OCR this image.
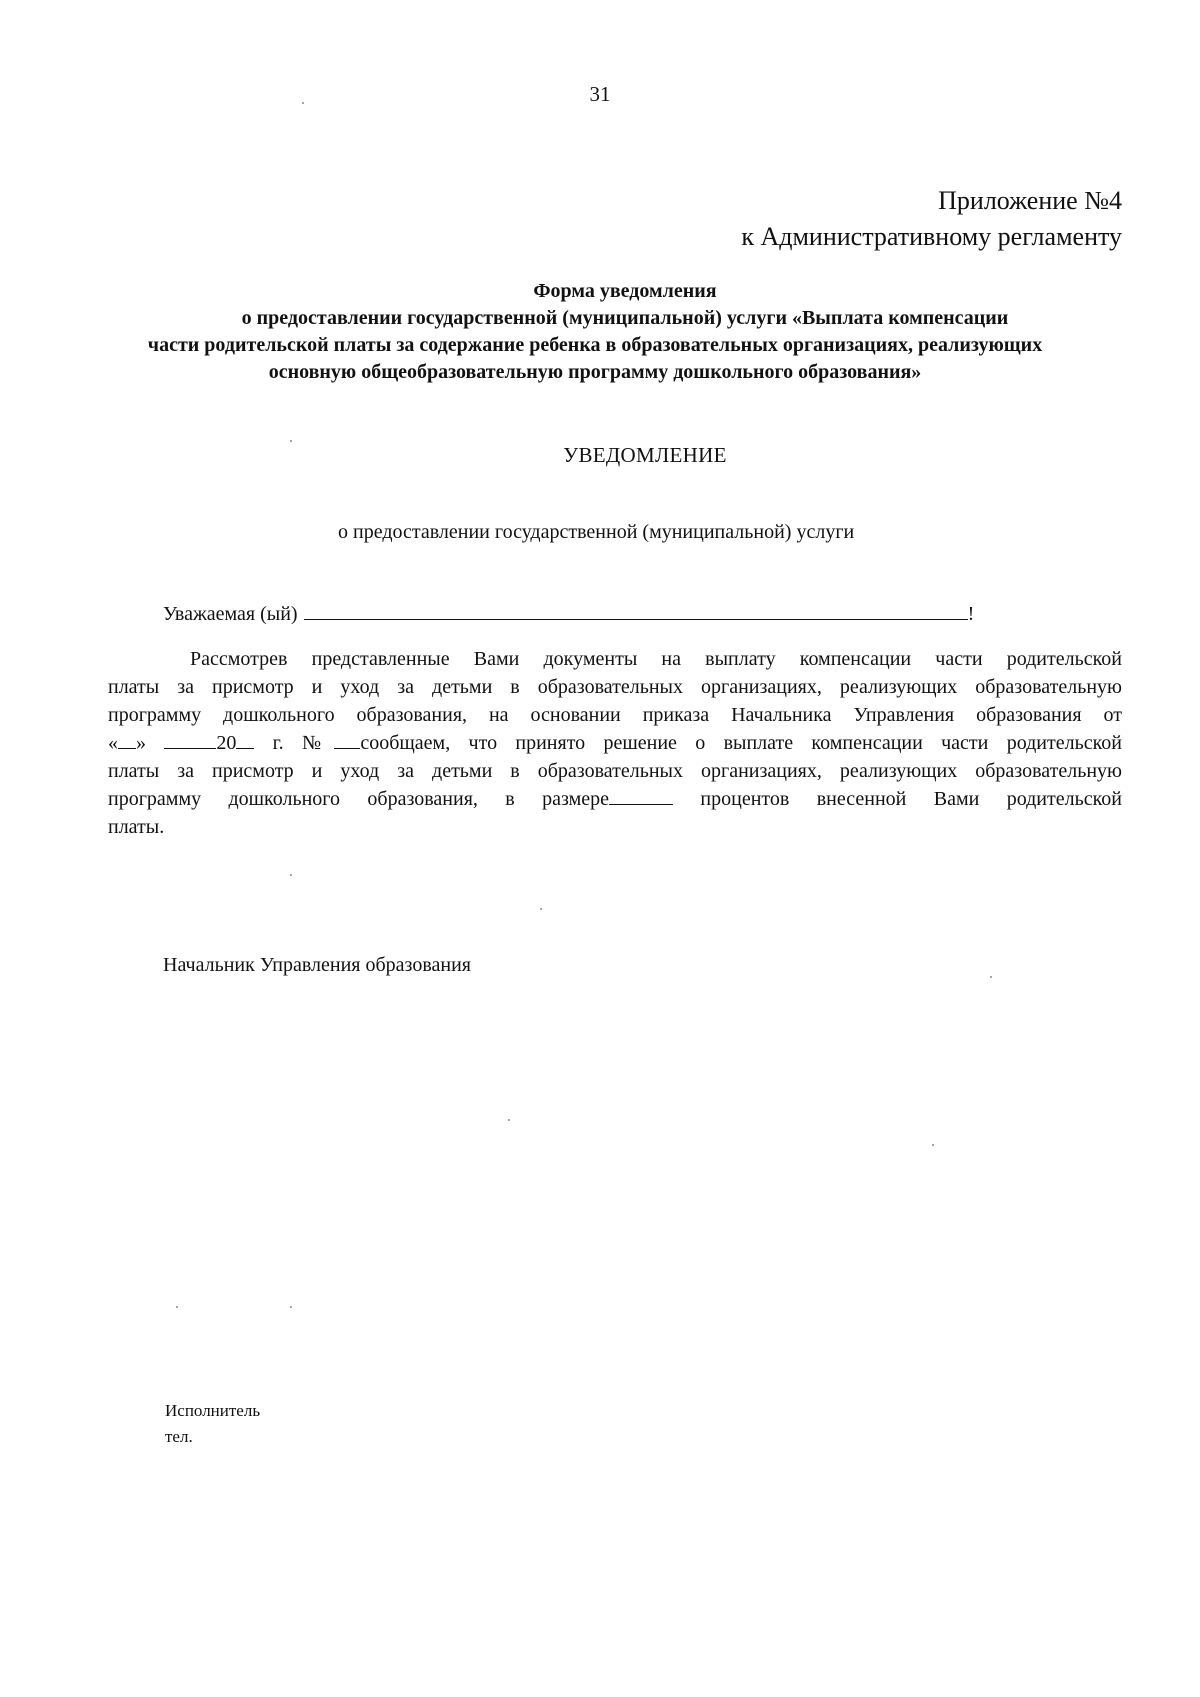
31
Приложение №4
к Административному регламенту
Форма уведомления
о предоставлении государственной (муниципальной) услуги «Выплата компенсации
части родительской платы за содержание ребенка в образовательных организациях, реализующих
основную общеобразовательную программу дошкольного образования»
УВЕДОМЛЕНИЕ
о предоставлении государственной (муниципальной) услуги
Уважаемая (ый)	!
Рассмотрев представленные Вами документы на выплату компенсации части родительской
платы за присмотр и уход за детьми в образовательных организациях, реализующих образовательную
программу дошкольного образования, на основании приказа Начальника Управления образования от
« »	20 г. № сообщаем, что принято решение о выплате компенсации части родительской
платы за присмотр и уход за детьми в образовательных организациях, реализующих образовательную
программу дошкольного образования, в размере	процентов внесенной Вами родительской
платы.
Начальник Управления образования
Исполнитель
тел.
